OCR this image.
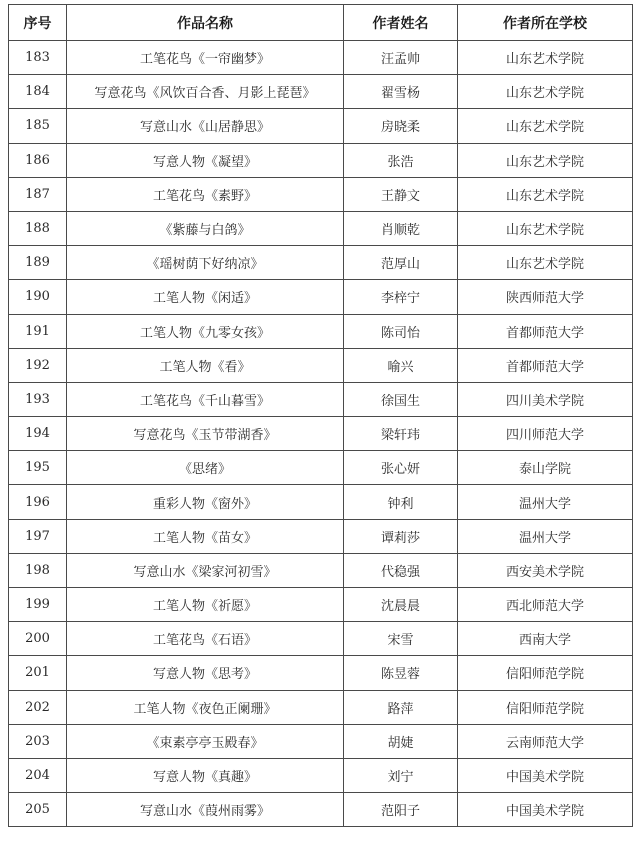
序号	作品名称	作者姓名	作者所在学校
183	工笔花鸟《一帘幽梦》	汪孟帅	山东艺术学院
184	写意花鸟《风饮百合香、月影上琵琶》	翟雪杨	山东艺术学院
185	写意山水《山居静思》	房晓柔	山东艺术学院
186	写意人物《凝望》	张浩	山东艺术学院
187	工笔花鸟《素野》	王静文	山东艺术学院
188	《紫藤与白鸽》	肖顺乾	山东艺术学院
189	《瑶树荫下好纳凉》	范厚山	山东艺术学院
190	工笔人物《闲适》	李梓宁	陕西师范大学
191	工笔人物《九零女孩》	陈司怡	首都师范大学
192	工笔人物《看》	喻兴	首都师范大学
193	工笔花鸟《千山暮雪》	徐国生	四川美术学院
194	写意花鸟《玉节带湖香》	梁轩玮	四川师范大学
195	《思绪》	张心妍	泰山学院
196	重彩人物《窗外》	钟利	温州大学
197	工笔人物《苗女》	谭莉莎	温州大学
198	写意山水《梁家河初雪》	代稳强	西安美术学院
199	工笔人物《祈愿》	沈晨晨	西北师范大学
200	工笔花鸟《石语》	宋雪	西南大学
201	写意人物《思考》	陈昱蓉	信阳师范学院
202	工笔人物《夜色正阑珊》	路萍	信阳师范学院
203	《束素亭亭玉殿春》	胡婕	云南师范大学
204	写意人物《真趣》	刘宁	中国美术学院
205	写意山水《葭州雨雾》	范阳子	中国美术学院
